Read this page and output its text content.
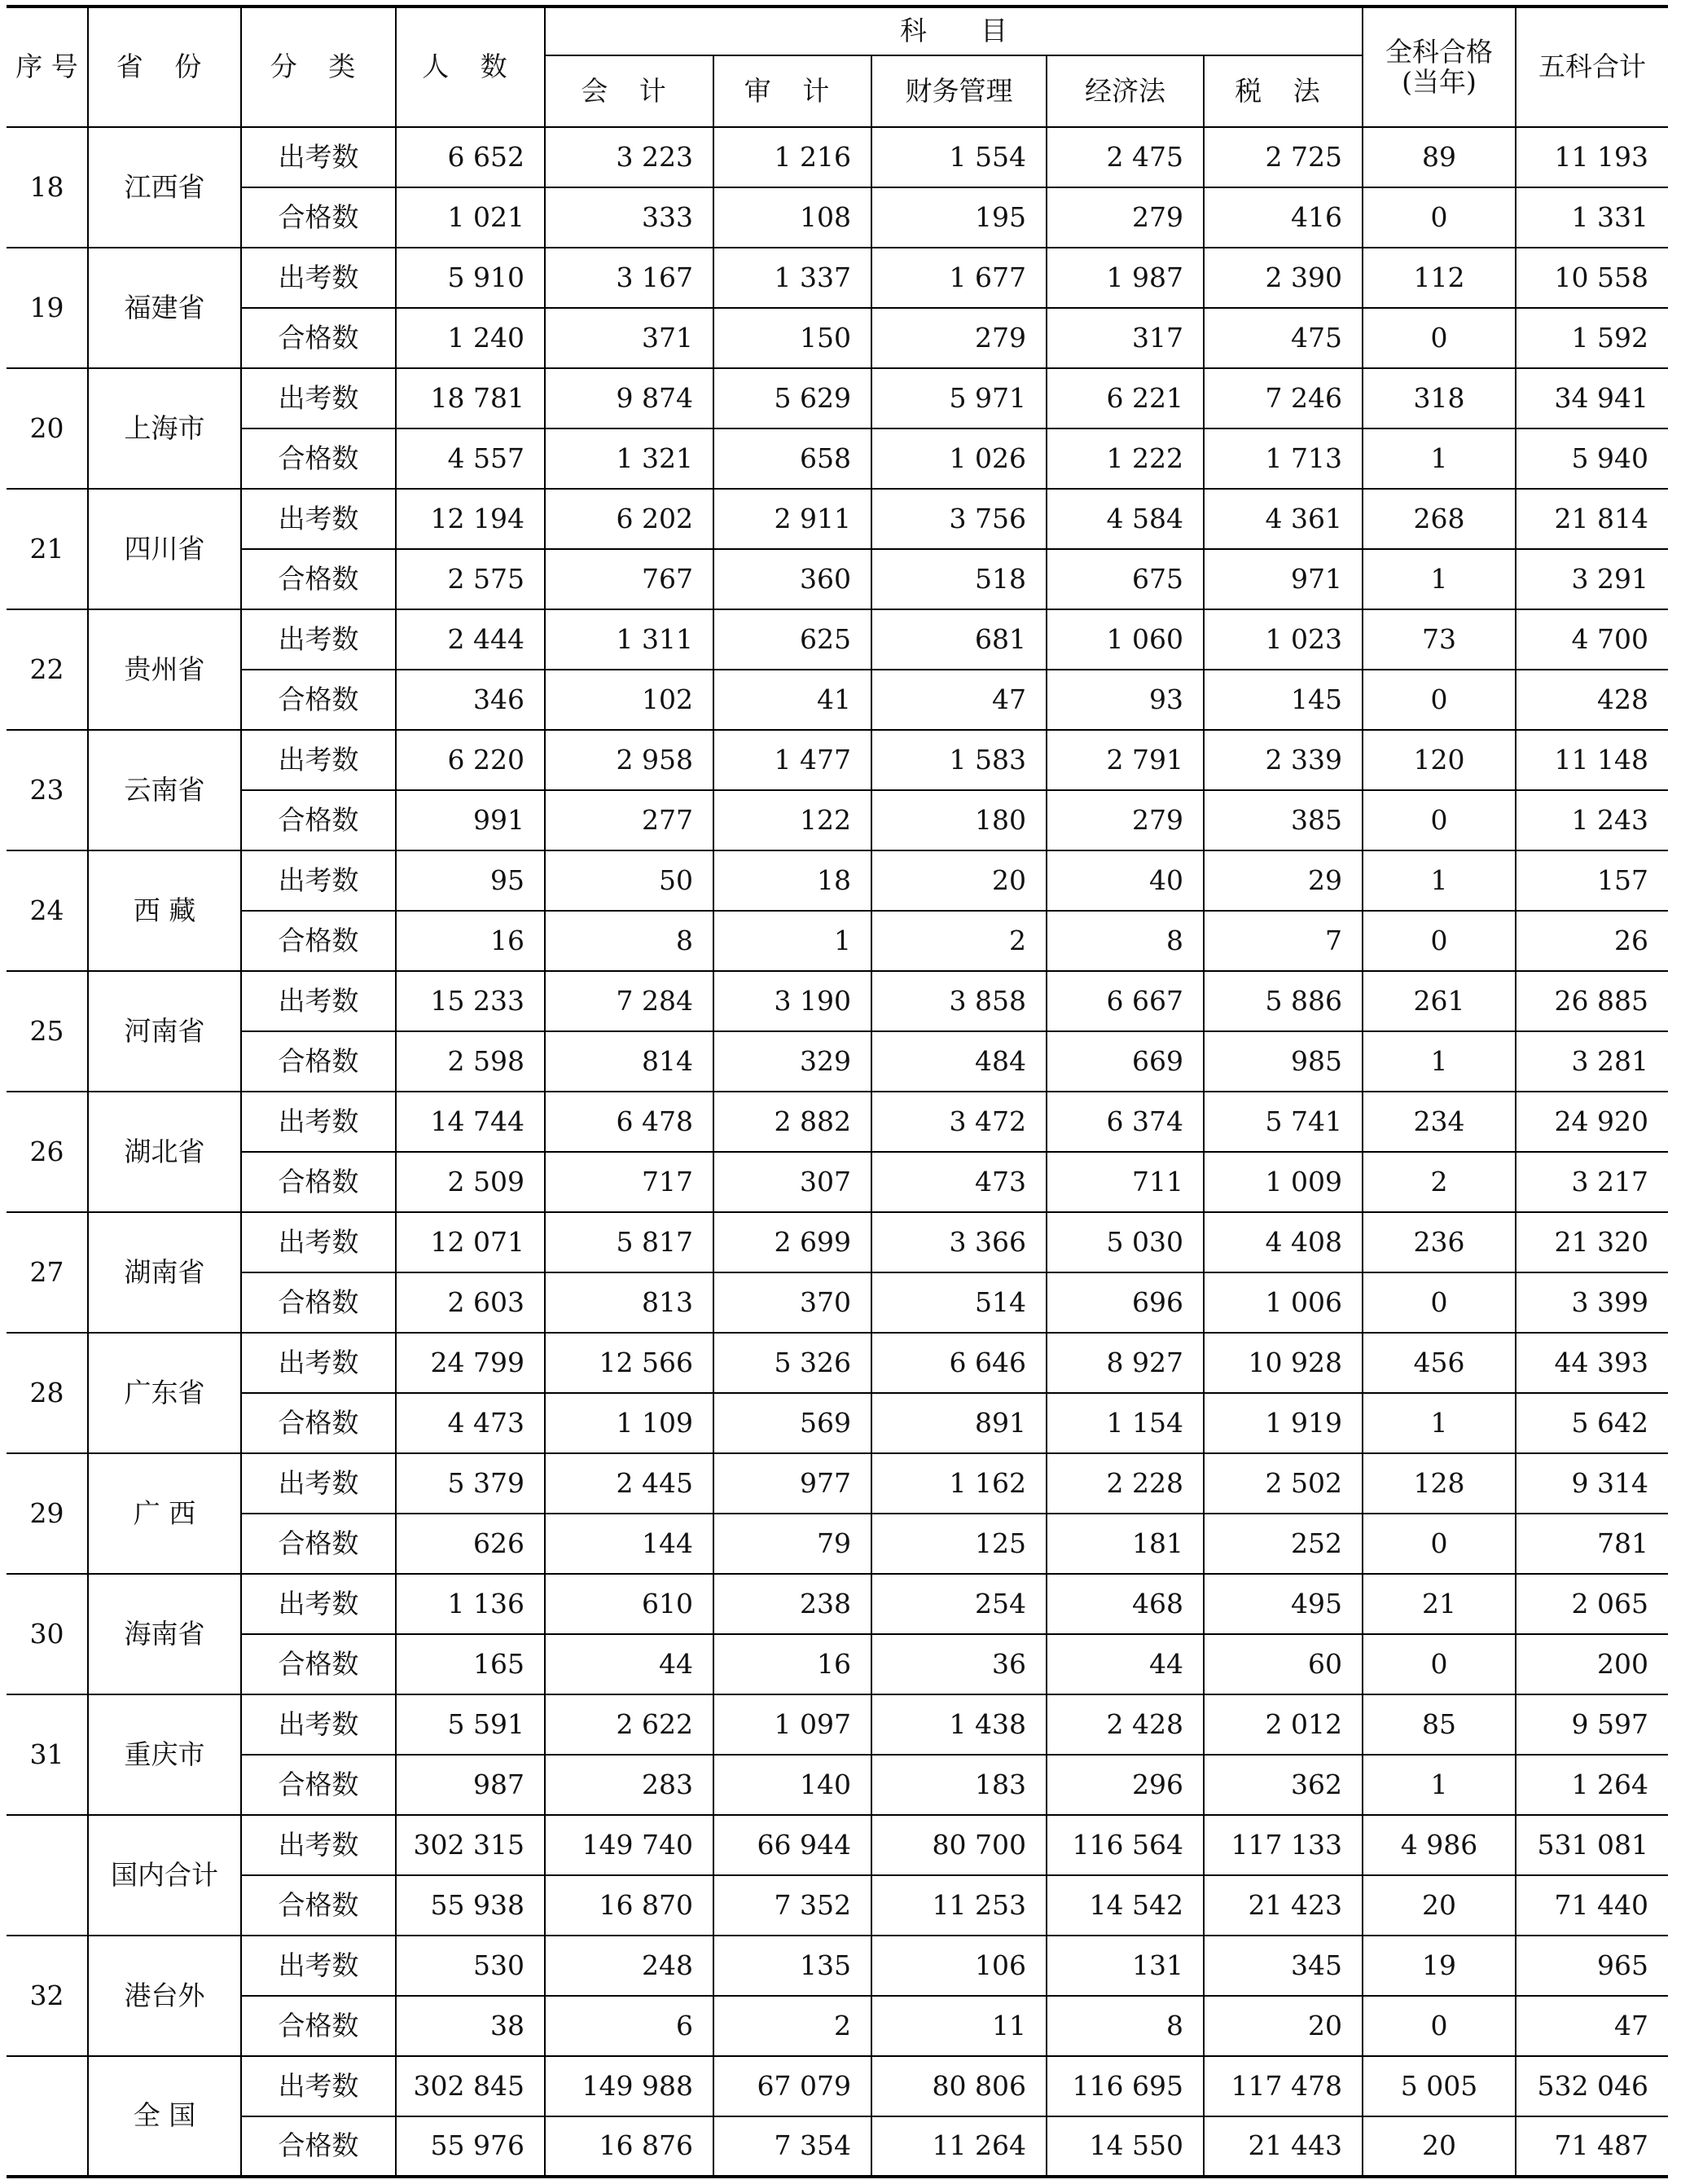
序 号	省 份	分 类	人 数	科　　目					全科合格 (当年)	五科合计
				会 计	审 计	财务管理	经济法	税 法		
18	江西省	出考数	6 652	3 223	1 216	1 554	2 475	2 725	89	11 193
		合格数	1 021	333	108	195	279	416	0	1 331
19	福建省	出考数	5 910	3 167	1 337	1 677	1 987	2 390	112	10 558
		合格数	1 240	371	150	279	317	475	0	1 592
20	上海市	出考数	18 781	9 874	5 629	5 971	6 221	7 246	318	34 941
		合格数	4 557	1 321	658	1 026	1 222	1 713	1	5 940
21	四川省	出考数	12 194	6 202	2 911	3 756	4 584	4 361	268	21 814
		合格数	2 575	767	360	518	675	971	1	3 291
22	贵州省	出考数	2 444	1 311	625	681	1 060	1 023	73	4 700
		合格数	346	102	41	47	93	145	0	428
23	云南省	出考数	6 220	2 958	1 477	1 583	2 791	2 339	120	11 148
		合格数	991	277	122	180	279	385	0	1 243
24	西 藏	出考数	95	50	18	20	40	29	1	157
		合格数	16	8	1	2	8	7	0	26
25	河南省	出考数	15 233	7 284	3 190	3 858	6 667	5 886	261	26 885
		合格数	2 598	814	329	484	669	985	1	3 281
26	湖北省	出考数	14 744	6 478	2 882	3 472	6 374	5 741	234	24 920
		合格数	2 509	717	307	473	711	1 009	2	3 217
27	湖南省	出考数	12 071	5 817	2 699	3 366	5 030	4 408	236	21 320
		合格数	2 603	813	370	514	696	1 006	0	3 399
28	广东省	出考数	24 799	12 566	5 326	6 646	8 927	10 928	456	44 393
		合格数	4 473	1 109	569	891	1 154	1 919	1	5 642
29	广 西	出考数	5 379	2 445	977	1 162	2 228	2 502	128	9 314
		合格数	626	144	79	125	181	252	0	781
30	海南省	出考数	1 136	610	238	254	468	495	21	2 065
		合格数	165	44	16	36	44	60	0	200
31	重庆市	出考数	5 591	2 622	1 097	1 438	2 428	2 012	85	9 597
		合格数	987	283	140	183	296	362	1	1 264
	国内合计	出考数	302 315	149 740	66 944	80 700	116 564	117 133	4 986	531 081
		合格数	55 938	16 870	7 352	11 253	14 542	21 423	20	71 440
32	港台外	出考数	530	248	135	106	131	345	19	965
		合格数	38	6	2	11	8	20	0	47
	全 国	出考数	302 845	149 988	67 079	80 806	116 695	117 478	5 005	532 046
		合格数	55 976	16 876	7 354	11 264	14 550	21 443	20	71 487
